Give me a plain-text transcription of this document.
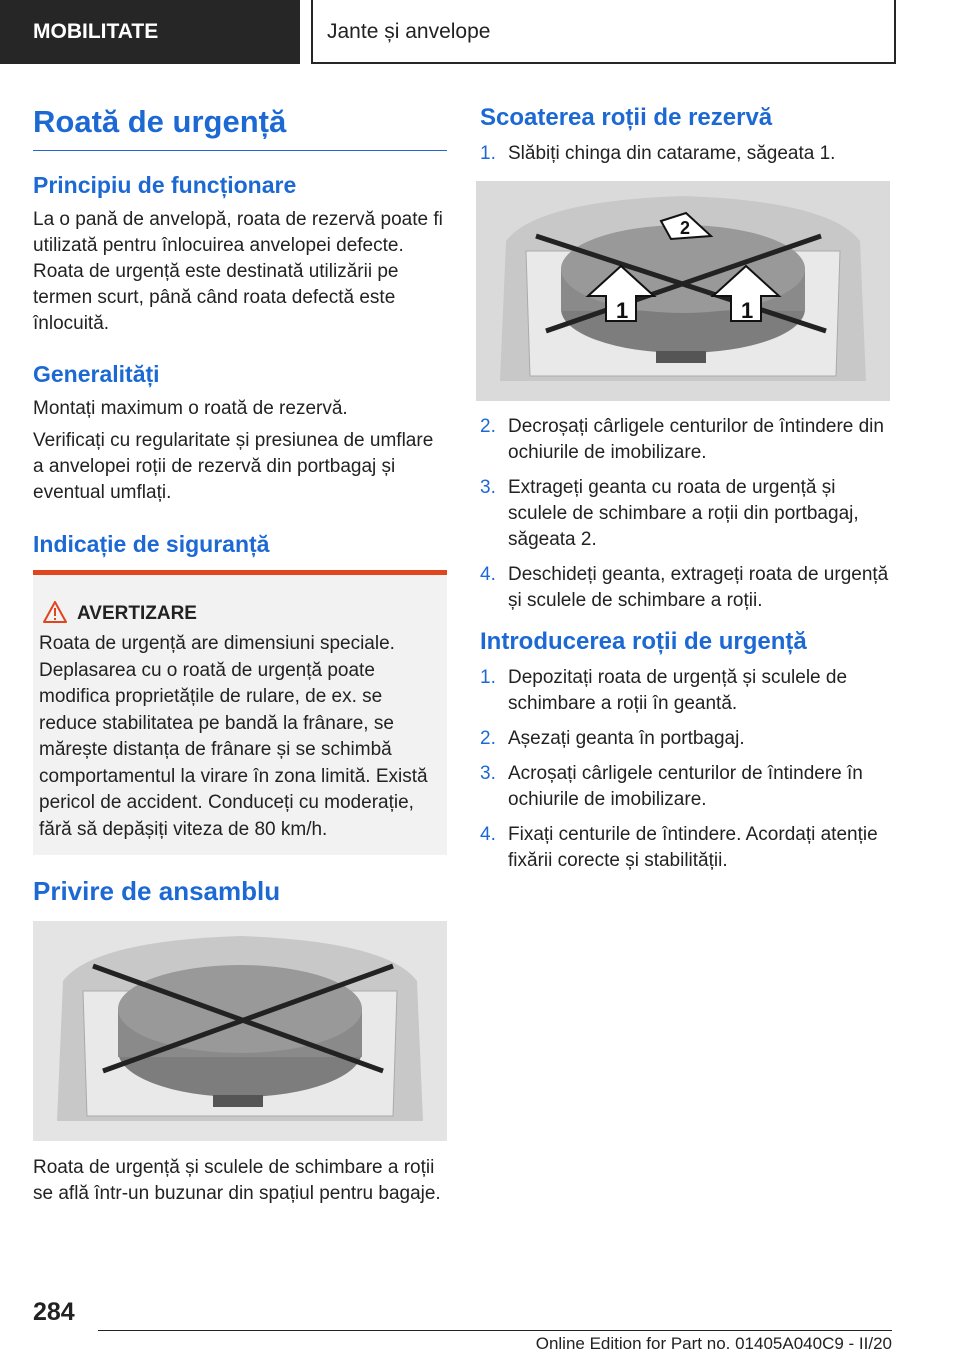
MOBILITATE	Jante și anvelope
Roată de urgență
Principiu de funcționare

La o pană de anvelopă, roata de rezervă poate fi utilizată pentru înlocuirea anvelopei defecte. Roata de urgență este destinată utilizării pe termen scurt, până când roata defectă este înlocuită.

Generalități

Montați maximum o roată de rezervă.

Verificați cu regularitate și presiunea de umflare a anvelopei roții de rezervă din portbagaj și eventual umflați.

Indicație de siguranță
AVERTIZARE
Roata de urgență are dimensiuni speciale. Deplasarea cu o roată de urgență poate modifica proprietățile de rulare, de ex. se reduce stabilitatea pe bandă la frânare, se mărește distanța de frânare și se schimbă comportamentul la virare în zona limită. Există pericol de accident. Conduceți cu moderație, fără să depășiți viteza de 80 km/h.
Privire de ansamblu

Roata de urgență și sculele de schimbare a roții se află într-un buzunar din spațiul pentru bagaje.

Scoaterea roții de rezervă
1. Slăbiți chinga din catarame, săgeata 1.
1	1
2
2. Decroșați cârligele centurilor de întindere din ochiurile de imobilizare.
3. Extrageți geanta cu roata de urgență și sculele de schimbare a roții din portbagaj, săgeata 2.
4. Deschideți geanta, extrageți roata de urgență și sculele de schimbare a roții.
Introducerea roții de urgență
1. Depozitați roata de urgență și sculele de schimbare a roții în geantă.
2. Așezați geanta în portbagaj.
3. Acroșați cârligele centurilor de întindere în ochiurile de imobilizare.
4. Fixați centurile de întindere. Acordați atenție fixării corecte și stabilității.
284
Online Edition for Part no. 01405A040C9 - II/20
